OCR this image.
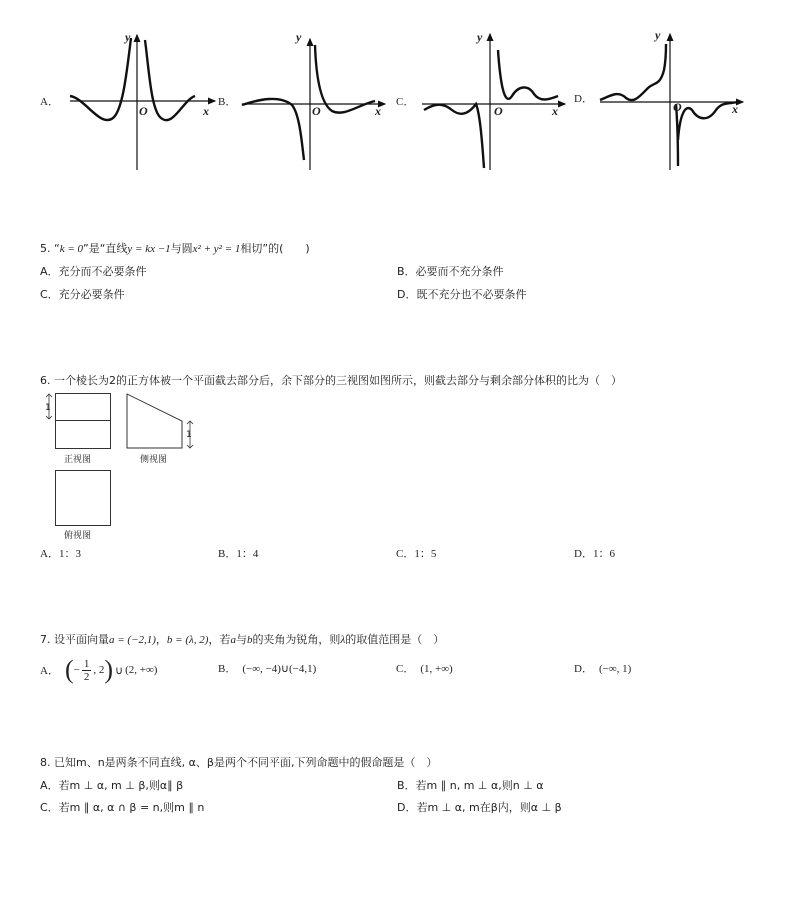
A．	B．	C．	D．
y
O	x
y
O	x
y
O	x
y
O	x
5. “k = 0”是“直线y = kx −1与圆x² + y² = 1相切”的(　　)
A．充分而不必要条件	B．必要而不充分条件
C．充分必要条件	D．既不充分也不必要条件
6. 一个棱长为2的正方体被一个平面截去部分后，余下部分的三视图如图所示，则截去部分与剩余部分体积的比为（　）
1
正视图
1
侧视图
俯视图
A．1：3	B．1：4	C．1：5	D．1：6
7. 设平面向量a = (−2,1)，b = (λ, 2)，若a与b的夹角为锐角，则λ的取值范围是（　）
A． ( − $\frac{1}{2}$ , 2 ) ∪ (2, +∞)	B． (−∞, −4)∪(−4,1)	C． (1, +∞)	D． (−∞, 1)
8. 已知m、n是两条不同直线, α、β是两个不同平面,下列命题中的假命题是（　）
A．若m ⊥ α, m ⊥ β,则α∥ β	B．若m ∥ n, m ⊥ α,则n ⊥ α
C．若m ∥ α, α ∩ β = n,则m ∥ n	D．若m ⊥ α, m在β内，则α ⊥ β
